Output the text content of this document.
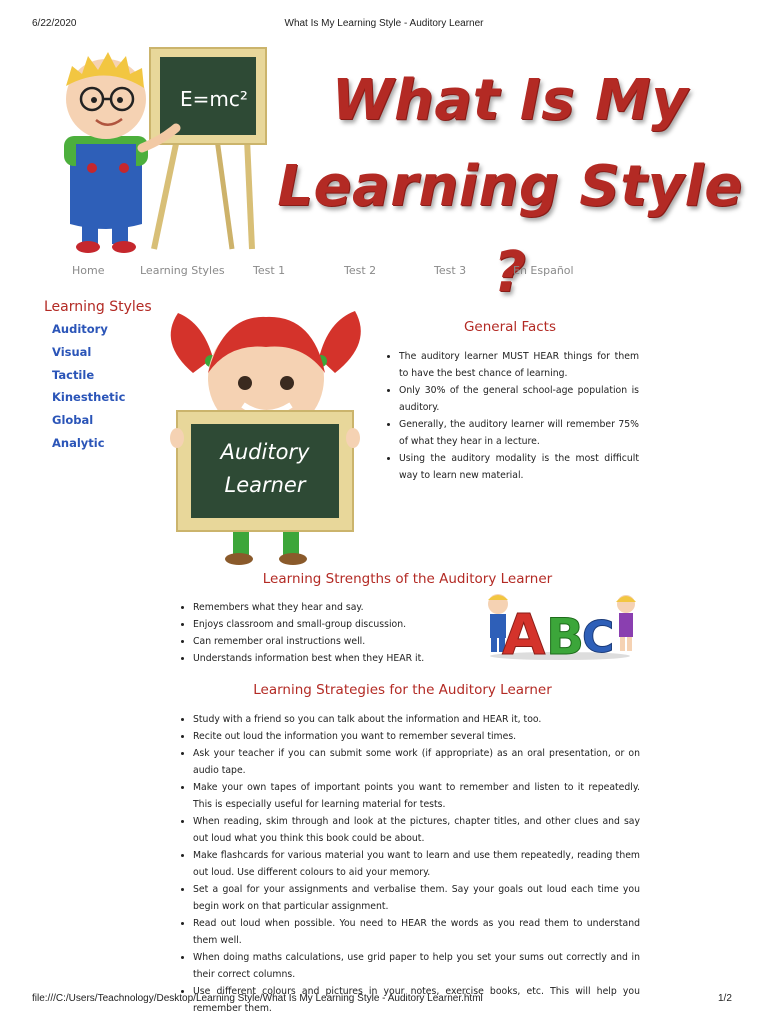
6/22/2020	What Is My Learning Style - Auditory Learner
E=mc²	What Is My
Learning Style ?
Home	Learning Styles	Test 1	Test 2	Test 3	En Español
Learning Styles
Auditory
Visual
Tactile
Kinesthetic
Global
Analytic	Auditory
Learner
General Facts
• The auditory learner MUST HEAR things for them to have the best chance of learning.
• Only 30% of the general school-age population is auditory.
• Generally, the auditory learner will remember 75% of what they hear in a lecture.
• Using the auditory modality is the most difficult way to learn new material.
Learning Strengths of the Auditory Learner
• Remembers what they hear and say.
• Enjoys classroom and small-group discussion.
• Can remember oral instructions well.
• Understands information best when they HEAR it.	A B
C
Learning Strategies for the Auditory Learner
• Study with a friend so you can talk about the information and HEAR it, too.
• Recite out loud the information you want to remember several times.
• Ask your teacher if you can submit some work (if appropriate) as an oral presentation, or on audio tape.
• Make your own tapes of important points you want to remember and listen to it repeatedly. This is especially useful for learning material for tests.
• When reading, skim through and look at the pictures, chapter titles, and other clues and say out loud what you think this book could be about.
• Make flashcards for various material you want to learn and use them repeatedly, reading them out loud. Use different colours to aid your memory.
• Set a goal for your assignments and verbalise them. Say your goals out loud each time you begin work on that particular assignment.
• Read out loud when possible. You need to HEAR the words as you read them to understand them well.
• When doing maths calculations, use grid paper to help you set your sums out correctly and in their correct columns.
• Use different colours and pictures in your notes, exercise books, etc. This will help you remember them.
file:///C:/Users/Teachnology/Desktop/Learning Style/What Is My Learning Style - Auditory Learner.html	1/2
